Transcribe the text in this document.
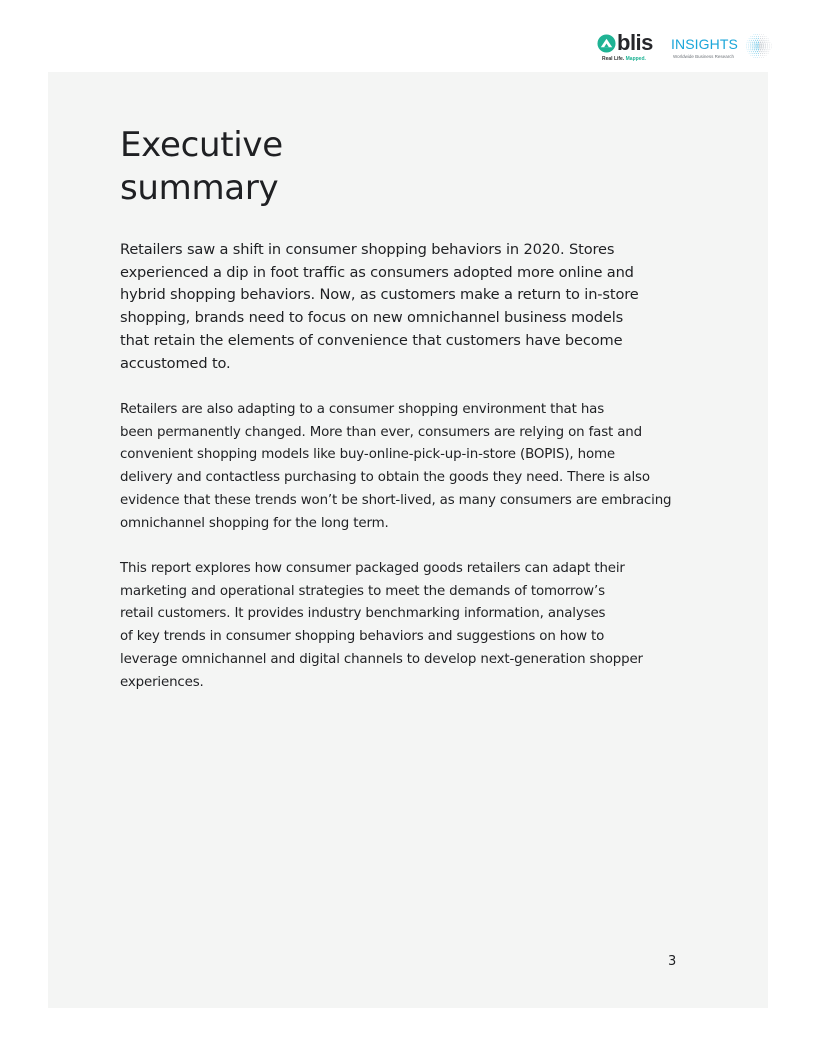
blis
Real Life. Mapped.
INSIGHTS
Worldwide Business Research
Executive
summary

Retailers saw a shift in consumer shopping behaviors in 2020. Stores
experienced a dip in foot traffic as consumers adopted more online and
hybrid shopping behaviors. Now, as customers make a return to in-store
shopping, brands need to focus on new omnichannel business models
that retain the elements of convenience that customers have become
accustomed to.

Retailers are also adapting to a consumer shopping environment that has
been permanently changed. More than ever, consumers are relying on fast and
convenient shopping models like buy-online-pick-up-in-store (BOPIS), home
delivery and contactless purchasing to obtain the goods they need. There is also
evidence that these trends won’t be short-lived, as many consumers are embracing
omnichannel shopping for the long term.

This report explores how consumer packaged goods retailers can adapt their
marketing and operational strategies to meet the demands of tomorrow’s
retail customers. It provides industry benchmarking information, analyses
of key trends in consumer shopping behaviors and suggestions on how to
leverage omnichannel and digital channels to develop next-generation shopper
experiences.

3
